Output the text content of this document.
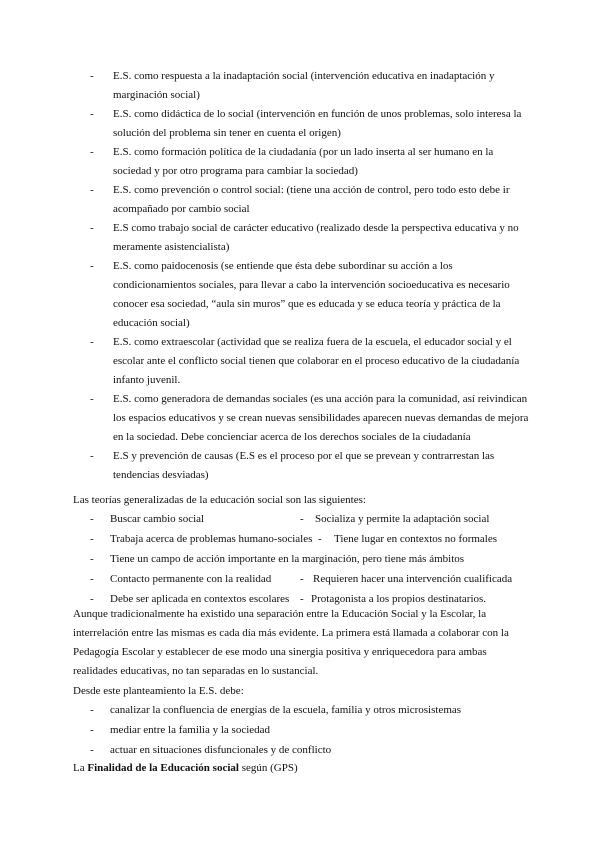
- E.S. como respuesta a la inadaptación social (intervención educativa en inadaptación y
marginación social)
- E.S. como didáctica de lo social (intervención en función de unos problemas, solo interesa la
solución del problema sin tener en cuenta el origen)
- E.S. como formación política de la ciudadanía (por un lado inserta al ser humano en la
sociedad y por otro programa para cambiar la sociedad)
- E.S. como prevención o control social: (tiene una acción de control, pero todo esto debe ir
acompañado por cambio social
- E.S como trabajo social de carácter educativo (realizado desde la perspectiva educativa y no
meramente asistencialista)
- E.S. como paidocenosis (se entiende que ésta debe subordinar su acción a los
condicionamientos sociales, para llevar a cabo la intervención socioeducativa es necesario
conocer esa sociedad, “aula sin muros” que es educada y se educa teoría y práctica de la
educación social)
- E.S. como extraescolar (actividad que se realiza fuera de la escuela, el educador social y el
escolar ante el conflicto social tienen que colaborar en el proceso educativo de la ciudadanía
infanto juvenil.
- E.S. como generadora de demandas sociales (es una acción para la comunidad, así reivindican
los espacios educativos y se crean nuevas sensibilidades aparecen nuevas demandas de mejora
en la sociedad. Debe concienciar acerca de los derechos sociales de la ciudadanía
- E.S y prevención de causas (E.S es el proceso por el que se prevean y contrarrestan las
tendencias desviadas)
Las teorías generalizadas de la educación social son las siguientes:
- Buscar cambio social	- Socializa y permite la adaptación social
- Trabaja acerca de problemas humano-sociales - Tiene lugar en contextos no formales
- Tiene un campo de acción importante en la marginación, pero tiene más ámbitos
- Contacto permanente con la realidad	- Requieren hacer una intervención cualificada
- Debe ser aplicada en contextos escolares - Protagonista a los propios destinatarios.
Aunque tradicionalmente ha existido una separación entre la Educación Social y la Escolar, la
interrelación entre las mismas es cada día más evidente. La primera está llamada a colaborar con la
Pedagogía Escolar y establecer de ese modo una sinergia positiva y enriquecedora para ambas
realidades educativas, no tan separadas en lo sustancial.
Desde este planteamiento la E.S. debe:
- canalizar la confluencia de energías de la escuela, familia y otros microsistemas
- mediar entre la familia y la sociedad
- actuar en situaciones disfuncionales y de conflicto
La Finalidad de la Educación social según (GPS)
